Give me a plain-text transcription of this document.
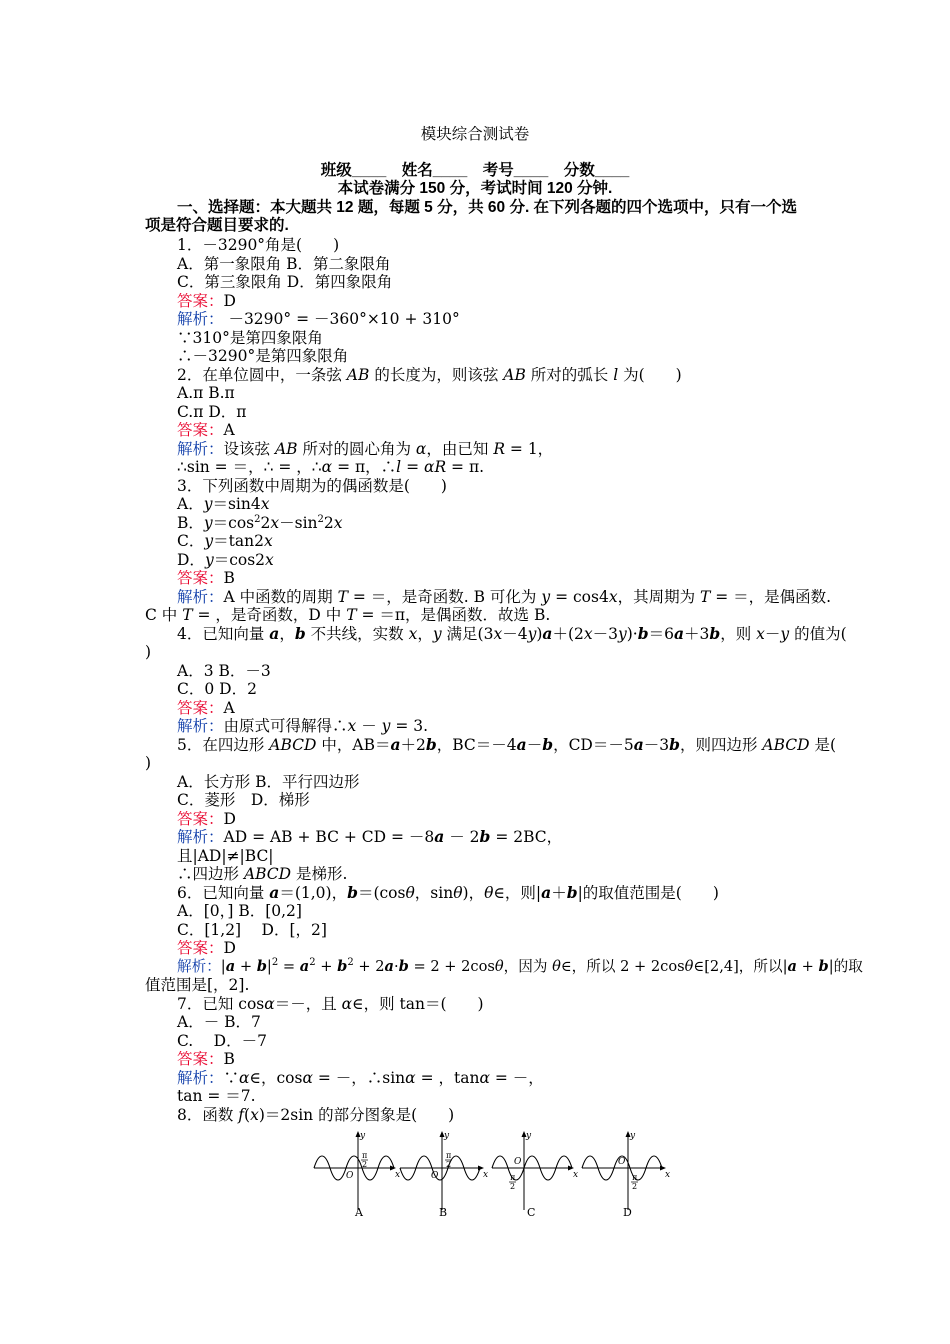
模块综合测试卷
班级____　姓名____　考号____　分数____
本试卷满分 150 分，考试时间 120 分钟.
一、选择题：本大题共 12 题，每题 5 分，共 60 分. 在下列各题的四个选项中，只有一个选
项是符合题目要求的.
1．－3290°角是(　　)
A．第一象限角 B．第二象限角
C．第三象限角 D．第四象限角
答案：D
解析： －3290° = －360°×10 + 310°
∵310°是第四象限角
∴－3290°是第四象限角
2．在单位圆中，一条弦 AB 的长度为，则该弦 AB 所对的弧长 l 为(　　)
A.π B.π
C.π D．π
答案：A
解析：设该弦 AB 所对的圆心角为 α，由已知 R = 1，
∴sin = ＝，∴ = ，∴α = π，∴l = αR = π.
3．下列函数中周期为的偶函数是(　　)
A．y＝sin4x
B．$y=\cos^22x-\sin^22x$
C．y＝tan2x
D．y＝cos2x
答案：B
解析：A 中函数的周期 T = ＝，是奇函数. B 可化为 y = cos4x，其周期为 T = ＝，是偶函数.
C 中 T = ，是奇函数，D 中 T = ＝π，是偶函数．故选 B.
4．已知向量 a，b 不共线，实数 x，y 满足(3x－4y)a＋(2x－3y)·b＝6a＋3b，则 x－y 的值为(
)
A．3 B．－3
C．0 D．2
答案：A
解析：由原式可得解得∴x － y = 3.
5．在四边形 ABCD 中，AB＝a＋2b，BC＝－4a－b，CD＝－5a－3b，则四边形 ABCD 是(
)
A．长方形 B．平行四边形
C．菱形　D．梯形
答案：D
解析：AD = AB + BC + CD = －8a － 2b = 2BC，
且|AD|≠|BC|
∴四边形 ABCD 是梯形.
6．已知向量 a＝(1,0)，b＝(cosθ，sinθ)，θ∈，则|a＋b|的取值范围是(　　)
A．[0，] B．[0,2]
C．[1,2]　 D．[，2]
答案：D
解析：$|a + b|^2 = a^2 + b^2 + 2a\cdot b = 2 + 2\cos\theta$，因为 θ∈，所以 2 + 2cosθ∈[2,4]，所以|a + b|的取
值范围是[，2].
7．已知 cosα＝－，且 α∈，则 tan＝(　　)
A．－ B．7
C.　 D．－7
答案：B
解析：∵α∈，cosα = －，∴sinα = ，tanα = －，
tan = ＝7.
8．函数 f(x)＝2sin 的部分图象是(　　)
y
x
O
π
2
A
y
x
O
π
2
B
y
x
O
π
2
C
y
x
O
π
2
D
